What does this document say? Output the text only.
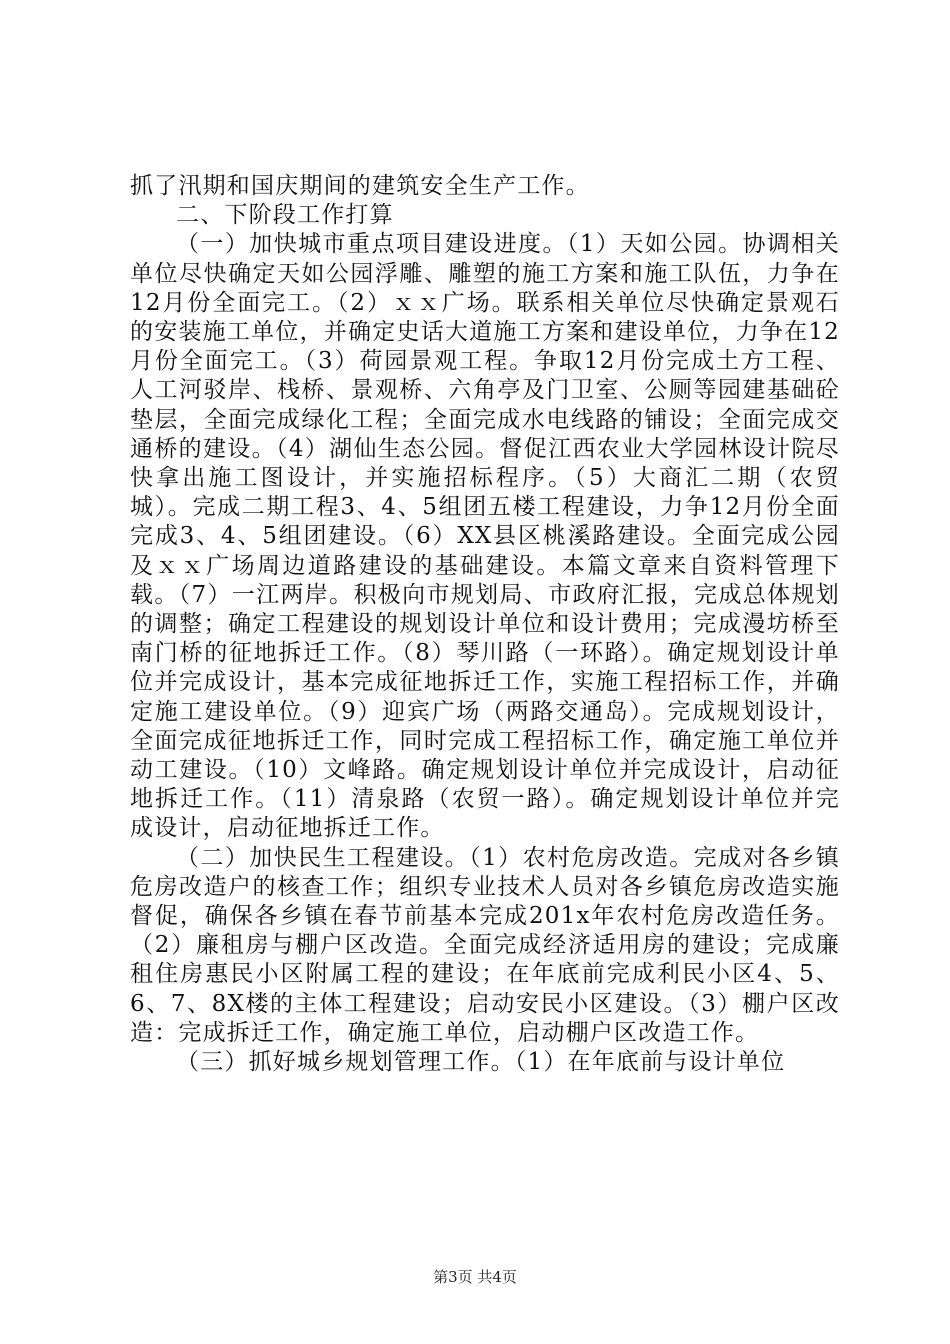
抓了汛期和国庆期间的建筑安全生产工作。

二、下阶段工作打算

（一）加快城市重点项目建设进度。（1）天如公园。协调相关单位尽快确定天如公园浮雕、雕塑的施工方案和施工队伍，力争在12月份全面完工。（2）ｘｘ广场。联系相关单位尽快确定景观石的安装施工单位，并确定史话大道施工方案和建设单位，力争在12月份全面完工。（3）荷园景观工程。争取12月份完成土方工程、人工河驳岸、栈桥、景观桥、六角亭及门卫室、公厕等园建基础砼垫层，全面完成绿化工程；全面完成水电线路的铺设；全面完成交通桥的建设。（4）湖仙生态公园。督促江西农业大学园林设计院尽快拿出施工图设计，并实施招标程序。（5）大商汇二期（农贸城）。完成二期工程3、4、5组团五楼工程建设，力争12月份全面完成3、4、5组团建设。（6）XX县区桃溪路建设。全面完成公园及ｘｘ广场周边道路建设的基础建设。本篇文章来自资料管理下载。（7）一江两岸。积极向市规划局、市政府汇报，完成总体规划的调整；确定工程建设的规划设计单位和设计费用；完成漫坊桥至南门桥的征地拆迁工作。（8）琴川路（一环路）。确定规划设计单位并完成设计，基本完成征地拆迁工作，实施工程招标工作，并确定施工建设单位。（9）迎宾广场（两路交通岛）。完成规划设计，全面完成征地拆迁工作，同时完成工程招标工作，确定施工单位并动工建设。（10）文峰路。确定规划设计单位并完成设计，启动征地拆迁工作。（11）清泉路（农贸一路）。确定规划设计单位并完成设计，启动征地拆迁工作。

（二）加快民生工程建设。（1）农村危房改造。完成对各乡镇危房改造户的核查工作；组织专业技术人员对各乡镇危房改造实施督促，确保各乡镇在春节前基本完成201x年农村危房改造任务。（2）廉租房与棚户区改造。全面完成经济适用房的建设；完成廉租住房惠民小区附属工程的建设；在年底前完成利民小区4、5、6、7、8X楼的主体工程建设；启动安民小区建设。（3）棚户区改造：完成拆迁工作，确定施工单位，启动棚户区改造工作。

（三）抓好城乡规划管理工作。（1）在年底前与设计单位

第3页 共4页
